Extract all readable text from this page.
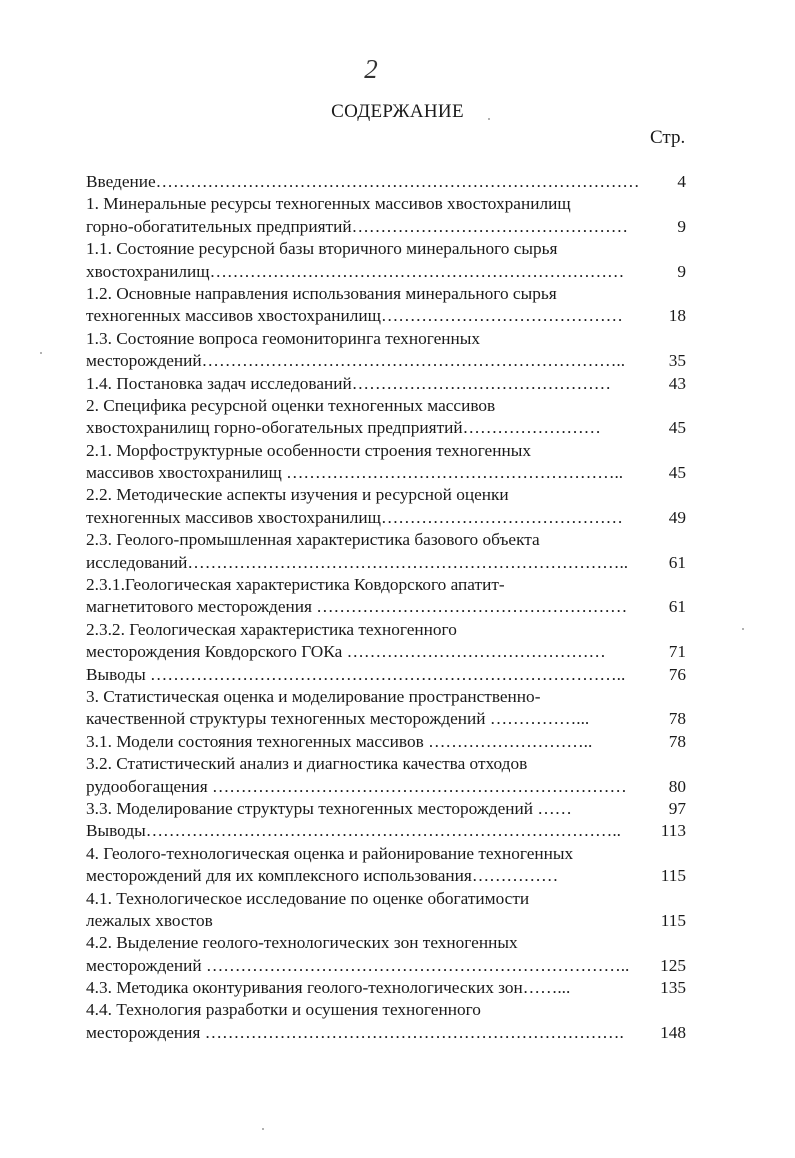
2
СОДЕРЖАНИЕ
Стр.
Введение…………………………………………………………………………	4
1. Минеральные ресурсы техногенных массивов хвостохранилищ
горно-обогатительных предприятий…………………………………………	9
1.1. Состояние ресурсной базы вторичного минерального сырья
хвостохранилищ………………………………………………………………	9
1.2. Основные направления использования минерального сырья
техногенных массивов хвостохранилищ……………………………………	18
1.3. Состояние вопроса геомониторинга техногенных
месторождений………………………………………………………………..	35
1.4. Постановка задач исследований………………………………………	43
2. Специфика ресурсной оценки техногенных массивов
хвостохранилищ горно-обогательных предприятий……………………	45
2.1. Морфоструктурные особенности строения техногенных
массивов хвостохранилищ …………………………………………………..	45
2.2. Методические аспекты изучения и ресурсной оценки
техногенных массивов хвостохранилищ……………………………………	49
2.3. Геолого-промышленная характеристика базового объекта
исследований…………………………………………………………………..	61
2.3.1.Геологическая характеристика Ковдорского апатит-
магнетитового месторождения ………………………………………………	61
2.3.2. Геологическая характеристика техногенного
месторождения Ковдорского ГОКа ………………………………………	71
Выводы ………………………………………………………………………..	76
3. Статистическая оценка и моделирование пространственно-
качественной структуры техногенных месторождений ……………...	78
3.1. Модели состояния техногенных массивов ………………………..	78
3.2. Статистический анализ и диагностика качества отходов
рудообогащения ………………………………………………………………	80
3.3. Моделирование структуры техногенных месторождений ……	97
Выводы………………………………………………………………………..	113
4. Геолого-технологическая оценка и районирование техногенных
месторождений для их комплексного использования……………	115
4.1. Технологическое исследование по оценке обогатимости
лежалых хвостов	115
4.2. Выделение геолого-технологических зон техногенных
месторождений ………………………………………………………………..	125
4.3. Методика оконтуривания геолого-технологических зон……...	135
4.4. Технология разработки и осушения техногенного
месторождения ……………………………………………………………….	148
